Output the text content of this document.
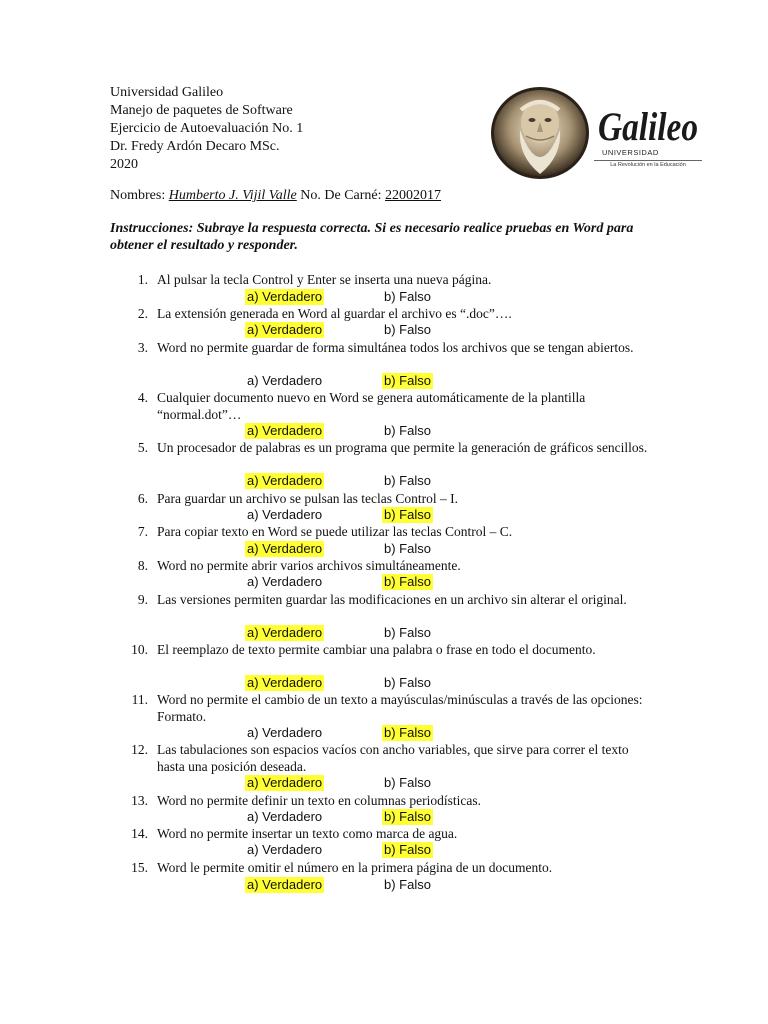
Universidad Galileo
Manejo de paquetes de Software
Ejercicio de Autoevaluación No. 1
Dr. Fredy Ardón Decaro MSc.
2020
Galileo
UNIVERSIDAD
La Revolución en la Educación
Nombres: Humberto J. Vijil Valle No. De Carné: 22002017
Instrucciones: Subraye la respuesta correcta. Si es necesario realice pruebas en Word para obtener el resultado y responder.
1. Al pulsar la tecla Control y Enter se inserta una nueva página.
a) Verdadero	b) Falso
2. La extensión generada en Word al guardar el archivo es “.doc”….
a) Verdadero	b) Falso
3. Word no permite guardar de forma simultánea todos los archivos que se tengan abiertos.
a) Verdadero	b) Falso
4. Cualquier documento nuevo en Word se genera automáticamente de la plantilla “normal.dot”…
a) Verdadero	b) Falso
5. Un procesador de palabras es un programa que permite la generación de gráficos sencillos.
a) Verdadero	b) Falso
6. Para guardar un archivo se pulsan las teclas Control – I.
a) Verdadero	b) Falso
7. Para copiar texto en Word se puede utilizar las teclas Control – C.
a) Verdadero	b) Falso
8. Word no permite abrir varios archivos simultáneamente.
a) Verdadero	b) Falso
9. Las versiones permiten guardar las modificaciones en un archivo sin alterar el original.
a) Verdadero	b) Falso
10. El reemplazo de texto permite cambiar una palabra o frase en todo el documento.
a) Verdadero	b) Falso
11. Word no permite el cambio de un texto a mayúsculas/minúsculas a través de las opciones: Formato.
a) Verdadero	b) Falso
12. Las tabulaciones son espacios vacíos con ancho variables, que sirve para correr el texto hasta una posición deseada.
a) Verdadero	b) Falso
13. Word no permite definir un texto en columnas periodísticas.
a) Verdadero	b) Falso
14. Word no permite insertar un texto como marca de agua.
a) Verdadero	b) Falso
15. Word le permite omitir el número en la primera página de un documento.
a) Verdadero	b) Falso
